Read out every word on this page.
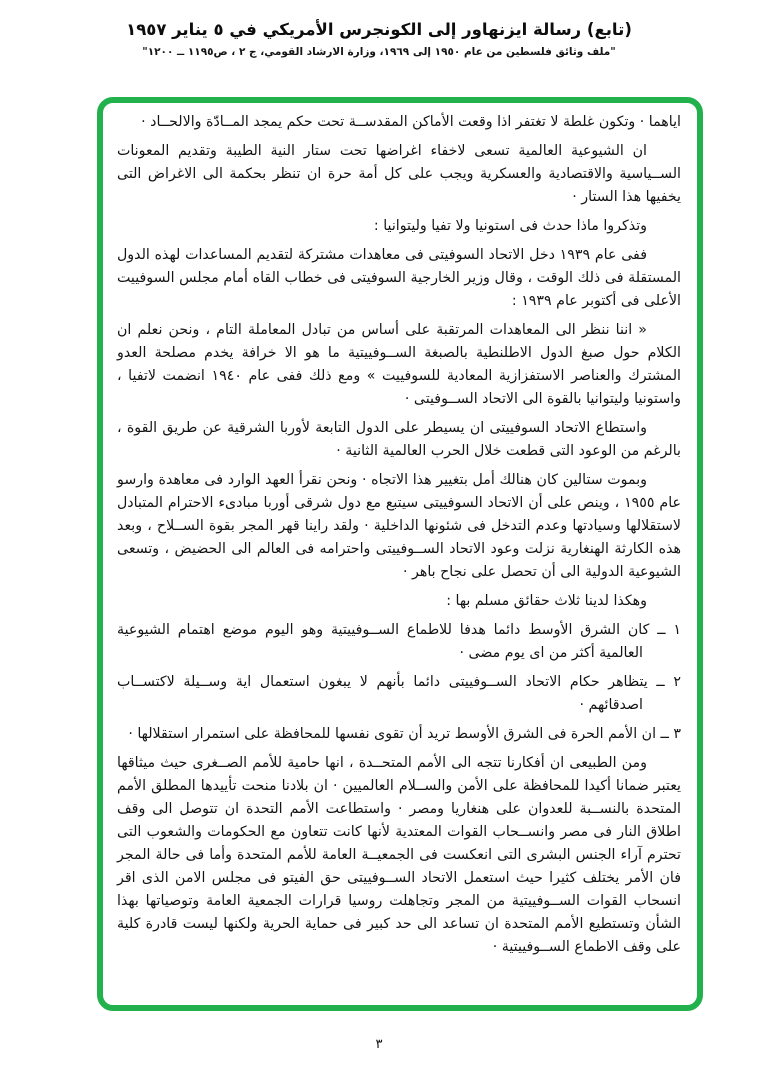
(تابع) رسالة ايزنهاور إلى الكونجرس الأمريكي في ٥ يناير ١٩٥٧
"ملف وثائق فلسطين من عام ١٩٥٠ إلى ١٩٦٩، وزارة الارشاد القومي، ج ٢ ، ص١١٩٥ ــ ١٢٠٠"

اياهما · وتكون غلطة لا تغتفر اذا وقعت الأماكن المقدســة تحت حكم يمجد المــادّة والالحــاد ·

ان الشيوعية العالمية تسعى لاخفاء اغراضها تحت ستار النية الطيبة وتقديم المعونات الســياسية والاقتصادية والعسكرية ويجب على كل أمة حرة ان تنظر بحكمة الى الاغراض التى يخفيها هذا الستار ·

وتذكروا ماذا حدث فى استونيا ولا تفيا وليتوانيا :

ففى عام ١٩٣٩ دخل الاتحاد السوفيتى فى معاهدات مشتركة لتقديم المساعدات لهذه الدول المستقلة فى ذلك الوقت ، وقال وزير الخارجية السوفيتى فى خطاب القاه أمام مجلس السوفييت الأعلى فى أكتوبر عام ١٩٣٩ :

« اننا ننظر الى المعاهدات المرتقبة على أساس من تبادل المعاملة التام ، ونحن نعلم ان الكلام حول صبغ الدول الاطلنطية بالصبغة الســوفييتية ما هو الا خرافة يخدم مصلحة العدو المشترك والعناصر الاستفزازية المعادية للسوفييت » ومع ذلك ففى عام ١٩٤٠ انضمت لاتفيا ، واستونيا وليتوانيا بالقوة الى الاتحاد الســوفيتى ·

واستطاع الاتحاد السوفييتى ان يسيطر على الدول التابعة لأوربا الشرقية عن طريق القوة ، بالرغم من الوعود التى قطعت خلال الحرب العالمية الثانية ·

وبموت ستالين كان هنالك أمل بتغيير هذا الاتجاه · ونحن نقرأ العهد الوارد فى معاهدة وارسو عام ١٩٥٥ ، وينص على أن الاتحاد السوفييتى سيتبع مع دول شرقى أوربا مبادىء الاحترام المتبادل لاستقلالها وسيادتها وعدم التدخل فى شئونها الداخلية · ولقد راينا قهر المجر بقوة الســلاح ، وبعد هذه الكارثة الهنغارية نزلت وعود الاتحاد الســوفييتى واحترامه فى العالم الى الحضيض ، وتسعى الشيوعية الدولية الى أن تحصل على نجاح باهر ·

وهكذا لدينا ثلاث حقائق مسلم بها :

١ ــ كان الشرق الأوسط دائما هدفا للاطماع الســوفييتية وهو اليوم موضع اهتمام الشيوعية العالمية أكثر من اى يوم مضى ·

٢ ــ يتظاهر حكام الاتحاد الســوفييتى دائما بأنهم لا يبغون استعمال اية وســيلة لاكتســاب اصدقائهم ·

٣ ــ ان الأمم الحرة فى الشرق الأوسط تريد أن تقوى نفسها للمحافظة على استمرار استقلالها ·

ومن الطبيعى ان أفكارنا تتجه الى الأمم المتحــدة ، انها حامية للأمم الصــغرى حيث ميثاقها يعتبر ضمانا أكيدا للمحافظة على الأمن والســلام العالميين · ان بلادنا منحت تأييدها المطلق الأمم المتحدة بالنســبة للعدوان على هنغاريا ومصر · واستطاعت الأمم التحدة ان تتوصل الى وقف اطلاق النار فى مصر وانســحاب القوات المعتدية لأنها كانت تتعاون مع الحكومات والشعوب التى تحترم آراء الجنس البشرى التى انعكست فى الجمعيــة العامة للأمم المتحدة وأما فى حالة المجر فان الأمر يختلف كثيرا حيث استعمل الاتحاد الســوفييتى حق الفيتو فى مجلس الامن الذى اقر انسحاب القوات الســوفييتية من المجر وتجاهلت روسيا قرارات الجمعية العامة وتوصياتها بهذا الشأن وتستطيع الأمم المتحدة ان تساعد الى حد كبير فى حماية الحرية ولكنها ليست قادرة كلية على وقف الاطماع الســوفييتية ·

٣
